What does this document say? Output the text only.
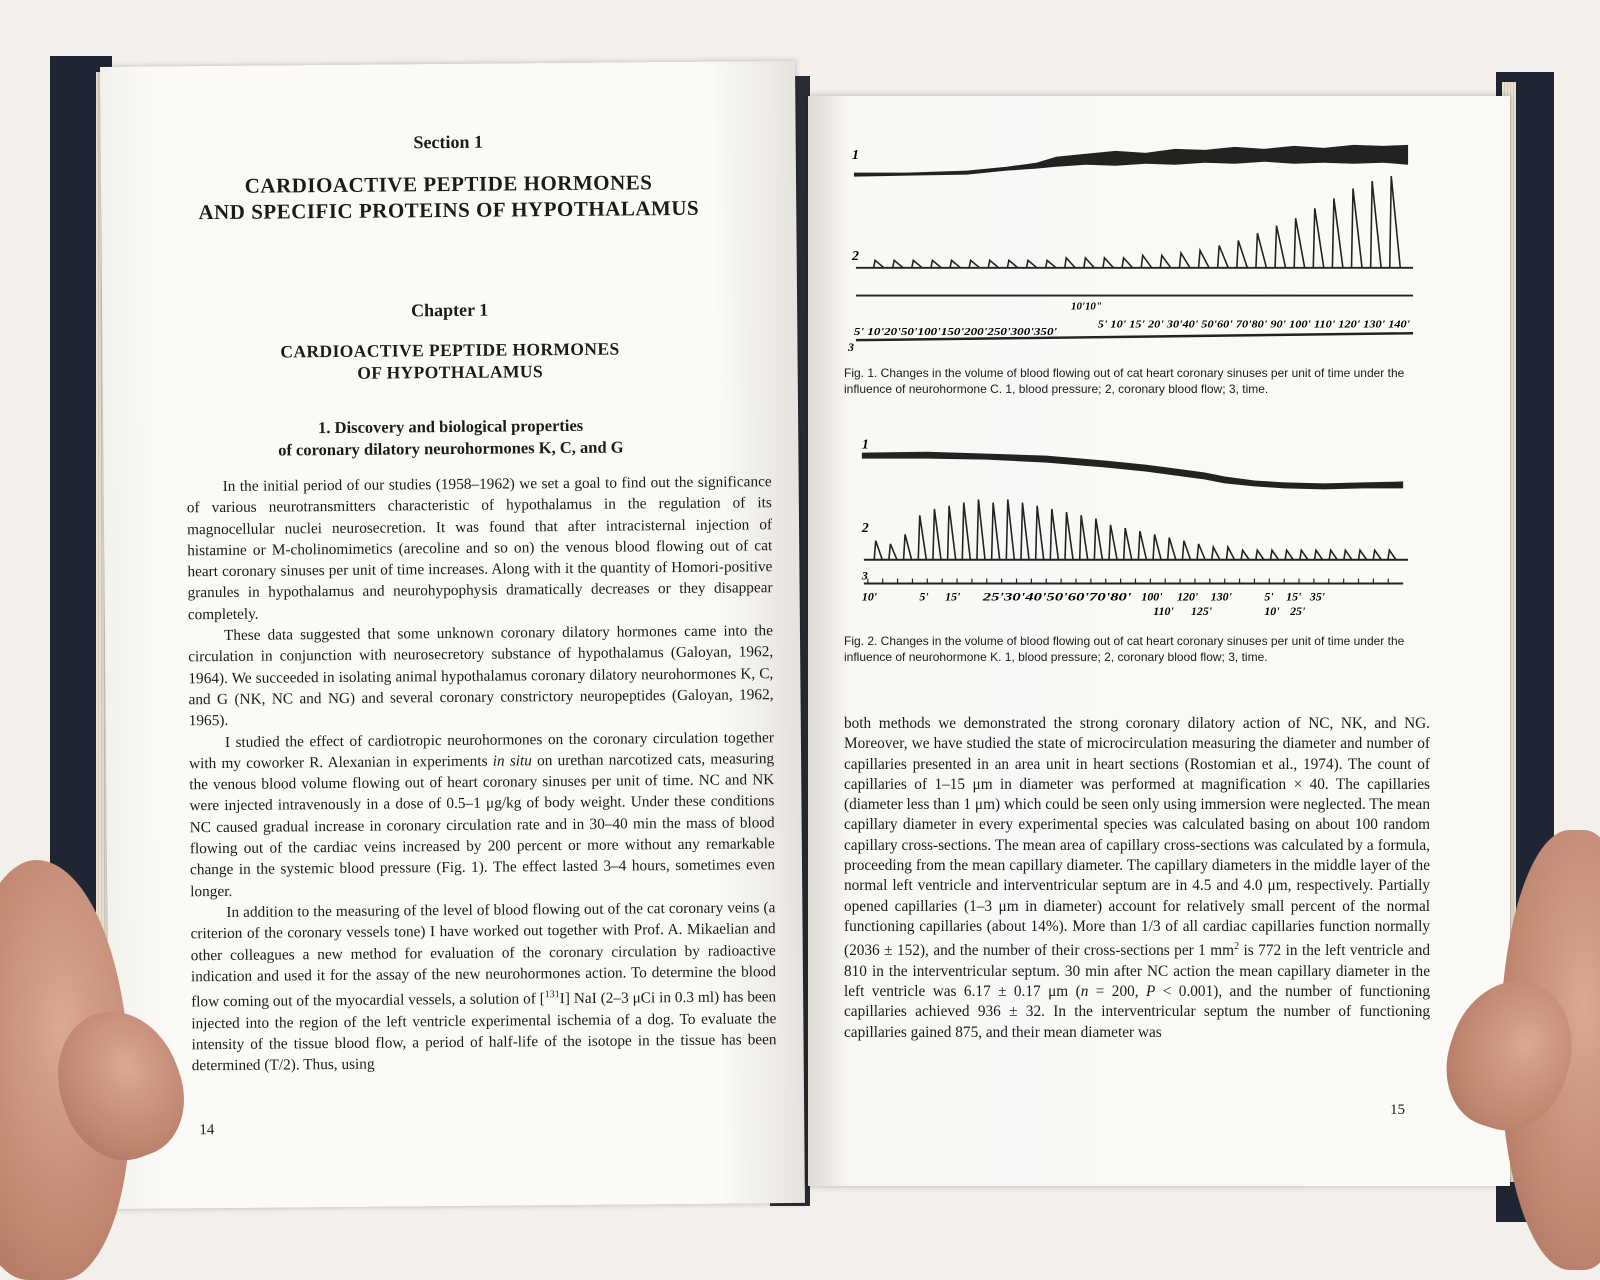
Section 1
CARDIOACTIVE PEPTIDE HORMONES
AND SPECIFIC PROTEINS OF HYPOTHALAMUS
Chapter 1
CARDIOACTIVE PEPTIDE HORMONES
OF HYPOTHALAMUS
1. Discovery and biological properties
of coronary dilatory neurohormones K, C, and G

In the initial period of our studies (1958–1962) we set a goal to find out the significance of various neurotransmitters characteristic of hypothalamus in the regulation of its magnocellular nuclei neurosecretion. It was found that after intracisternal injection of histamine or M-cholinomimetics (arecoline and so on) the venous blood flowing out of cat heart coronary sinuses per unit of time increases. Along with it the quantity of Homori-positive granules in hypothalamus and neurohypophysis dramatically decreases or they disappear completely.

These data suggested that some unknown coronary dilatory hormones came into the circulation in conjunction with neurosecretory substance of hypothalamus (Galoyan, 1962, 1964). We succeeded in isolating animal hypothalamus coronary dilatory neurohormones K, C, and G (NK, NC and NG) and several coronary constrictory neuropeptides (Galoyan, 1962, 1965).

I studied the effect of cardiotropic neurohormones on the coronary circulation together with my coworker R. Alexanian in experiments in situ on urethan narcotized cats, measuring the venous blood volume flowing out of heart coronary sinuses per unit of time. NC and NK were injected intravenously in a dose of 0.5–1 μg/kg of body weight. Under these conditions NC caused gradual increase in coronary circulation rate and in 30–40 min the mass of blood flowing out of the cardiac veins increased by 200 percent or more without any remarkable change in the systemic blood pressure (Fig. 1). The effect lasted 3–4 hours, sometimes even longer.

In addition to the measuring of the level of blood flowing out of the cat coronary veins (a criterion of the coronary vessels tone) I have worked out together with Prof. A. Mikaelian and other colleagues a new method for evaluation of the coronary circulation by radioactive indication and used it for the assay of the new neurohormones action. To determine the blood flow coming out of the myocardial vessels, a solution of [$^{131}$I] NaI (2–3 μCi in 0.3 ml) has been injected into the region of the left ventricle experimental ischemia of a dog. To evaluate the intensity of the tissue blood flow, a period of half-life of the isotope in the tissue has been determined (T/2). Thus, using

14
1
2
10'10"
5' 10'20'50'100'150'200'250'300'350'
5' 10' 15' 20' 30'40' 50'60' 70'80' 90' 100' 110' 120' 130' 140'
3
Fig. 1. Changes in the volume of blood flowing out of cat heart coronary sinuses per unit of time under the influence of neurohormone C. 1, blood pressure; 2, coronary blood flow; 3, time.
1
2
3
10'	5' 15' 25'30'40'50'60'70'80' 100' 120' 130'	5' 15' 35'
110' 125'	10' 25'
Fig. 2. Changes in the volume of blood flowing out of cat heart coronary sinuses per unit of time under the influence of neurohormone K. 1, blood pressure; 2, coronary blood flow; 3, time.

both methods we demonstrated the strong coronary dilatory action of NC, NK, and NG. Moreover, we have studied the state of microcirculation measuring the diameter and number of capillaries presented in an area unit in heart sections (Rostomian et al., 1974). The count of capillaries of 1–15 μm in diameter was performed at magnification × 40. The capillaries (diameter less than 1 μm) which could be seen only using immersion were neglected. The mean capillary diameter in every experimental species was calculated basing on about 100 random capillary cross-sections. The mean area of capillary cross-sections was calculated by a formula, proceeding from the mean capillary diameter. The capillary diameters in the middle layer of the normal left ventricle and interventricular septum are in 4.5 and 4.0 μm, respectively. Partially opened capillaries (1–3 μm in diameter) account for relatively small percent of the normal functioning capillaries (about 14%). More than 1/3 of all cardiac capillaries function normally (2036 ± 152), and the number of their cross-sections per 1 $mm^2$ is 772 in the left ventricle and 810 in the interventricular septum. 30 min after NC action the mean capillary diameter in the left ventricle was 6.17 ± 0.17 μm (n = 200, P < 0.001), and the number of functioning capillaries achieved 936 ± 32. In the interventricular septum the number of functioning capillaries gained 875, and their mean diameter was

15
